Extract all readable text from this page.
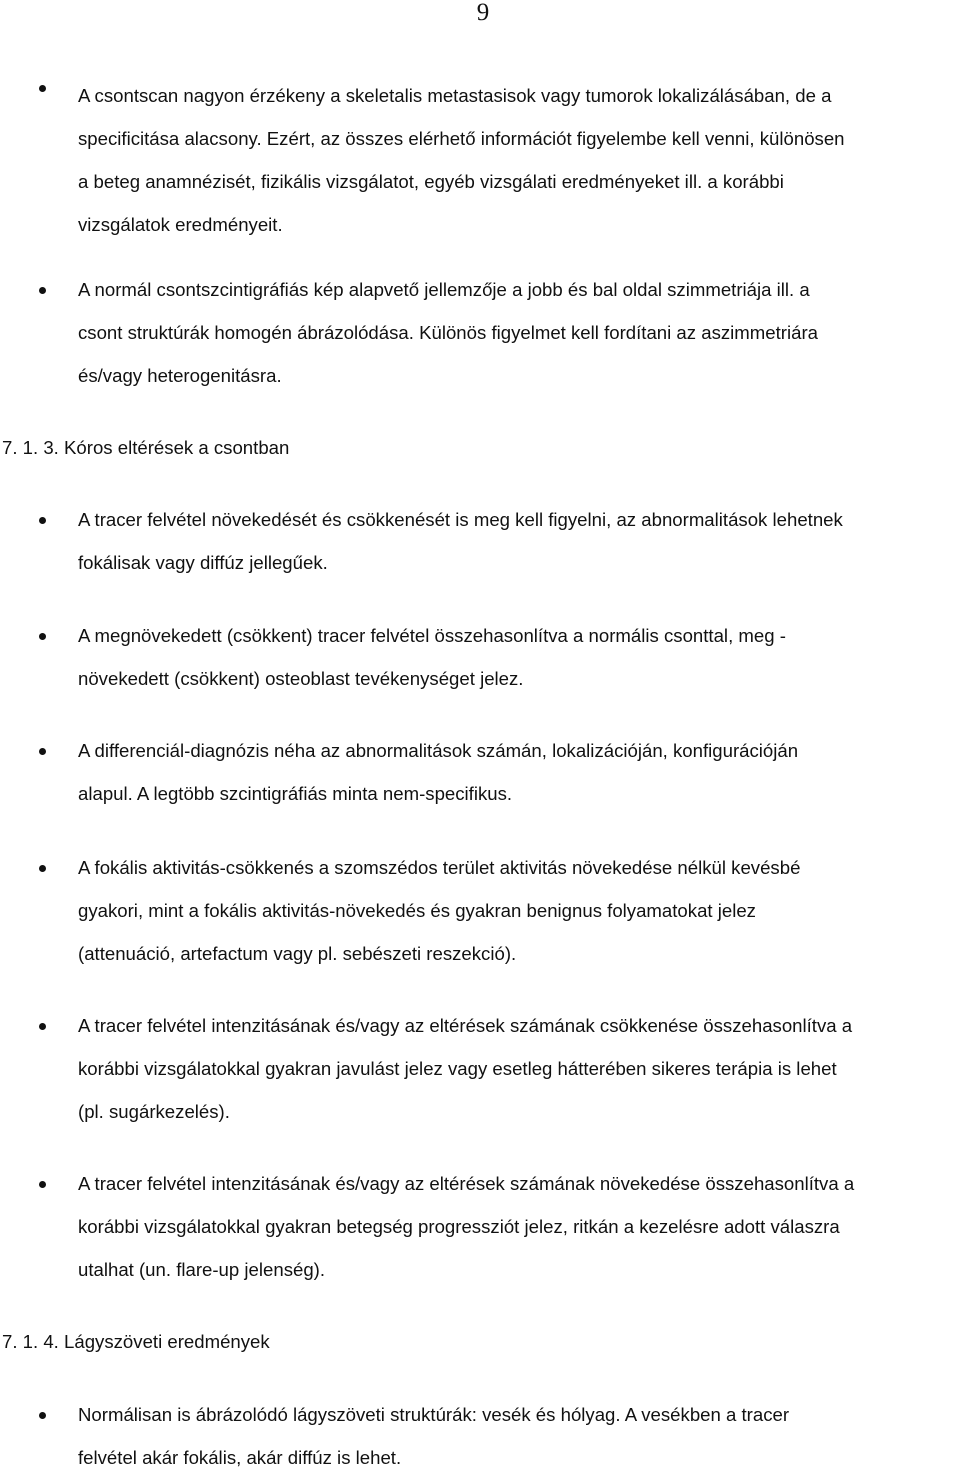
9
A csontscan nagyon érzékeny a skeletalis metastasisok vagy tumorok lokalizálásában, de a
specificitása alacsony. Ezért, az összes elérhető információt figyelembe kell venni, különösen
a beteg anamnézisét, fizikális vizsgálatot, egyéb vizsgálati eredményeket ill. a korábbi
vizsgálatok eredményeit.
A normál csontszcintigráfiás kép alapvető jellemzője a jobb és bal oldal szimmetriája ill. a
csont struktúrák homogén ábrázolódása. Különös figyelmet kell fordítani az aszimmetriára
és/vagy heterogenitásra.
7. 1. 3. Kóros eltérések a csontban
A tracer felvétel növekedését és csökkenését is meg kell figyelni, az abnormalitások lehetnek
fokálisak vagy diffúz jellegűek.
A megnövekedett (csökkent) tracer felvétel összehasonlítva a normális csonttal, meg -
növekedett (csökkent) osteoblast tevékenységet jelez.
A differenciál-diagnózis néha az abnormalitások számán, lokalizációján, konfigurációján
alapul. A legtöbb szcintigráfiás minta nem-specifikus.
A fokális aktivitás-csökkenés a szomszédos terület aktivitás növekedése nélkül kevésbé
gyakori, mint a fokális aktivitás-növekedés és gyakran benignus folyamatokat jelez
(attenuáció, artefactum vagy pl. sebészeti reszekció).
A tracer felvétel intenzitásának és/vagy az eltérések számának csökkenése összehasonlítva a
korábbi vizsgálatokkal gyakran javulást jelez vagy esetleg hátterében sikeres terápia is lehet
(pl. sugárkezelés).
A tracer felvétel intenzitásának és/vagy az eltérések számának növekedése összehasonlítva a
korábbi vizsgálatokkal gyakran betegség progressziót jelez, ritkán a kezelésre adott válaszra
utalhat (un. flare-up jelenség).
7. 1. 4. Lágyszöveti eredmények
Normálisan is ábrázolódó lágyszöveti struktúrák: vesék és hólyag. A vesékben a tracer
felvétel akár fokális, akár diffúz is lehet.
